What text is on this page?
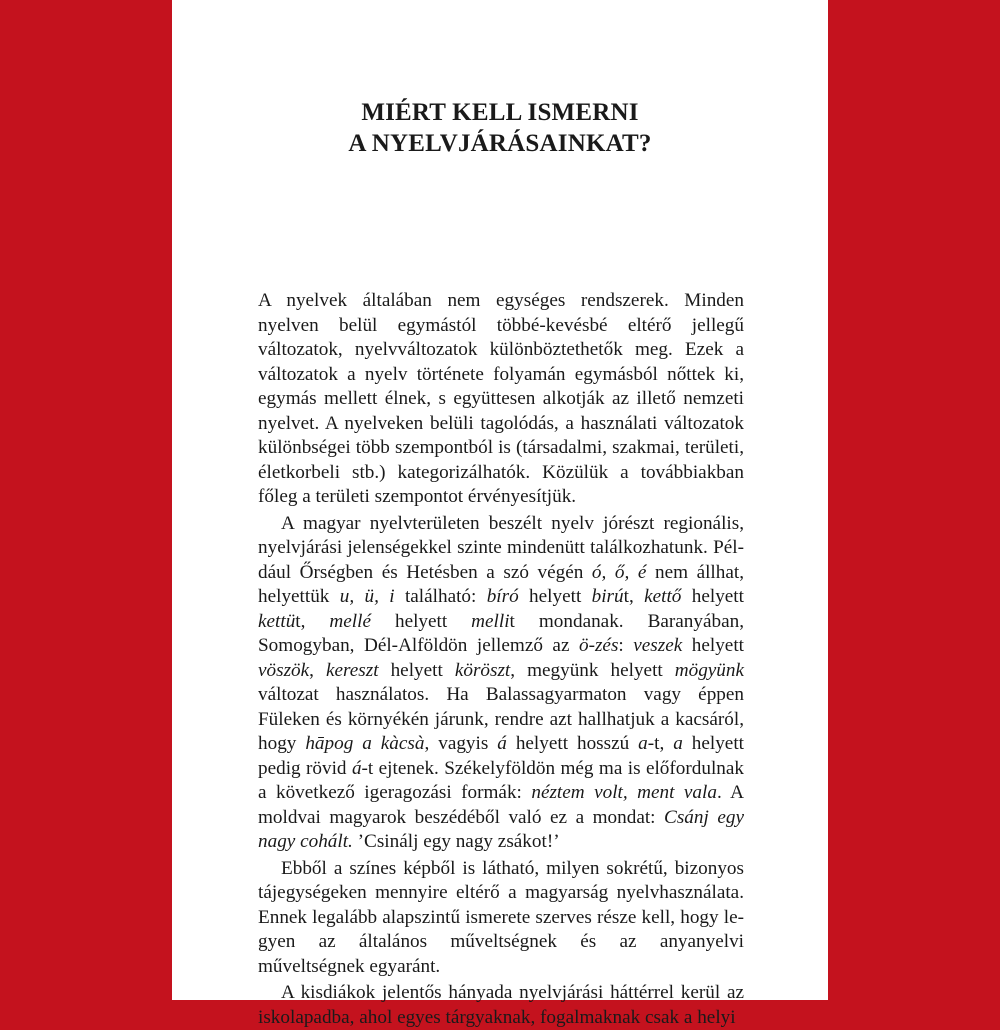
MIÉRT KELL ISMERNI
A NYELVJÁRÁSAINKAT?

A nyelvek általában nem egységes rendszerek. Minden nyelven belül egymástól többé-kevésbé eltérő jellegű változatok, nyelvváltozatok különböztethetők meg. Ezek a változatok a nyelv története folyamán egymásból nőttek ki, egymás mellett élnek, s együttesen alkotják az illető nemzeti nyelvet. A nyelveken belüli tagolódás, a használati változatok különbségei több szempontból is (társadalmi, szakmai, területi, életkorbeli stb.) kategorizálhatók. Közülük a továbbiakban főleg a területi szempontot érvényesítjük.

A magyar nyelvterületen beszélt nyelv jórészt regionális, nyelvjárási jelenségekkel szinte mindenütt találkozhatunk. Például Őrségben és Hetésben a szó végén ó, ő, é nem állhat, helyettük u, ü, i található: bíró helyett birút, kettő helyett kettüt, mellé helyett mellit mondanak. Baranyában, Somogyban, Dél-Alföldön jellemző az ö-zés: veszek helyett vöszök, kereszt helyett köröszt, megyünk helyett mögyünk változat használatos. Ha Balassagyarmaton vagy éppen Füleken és környékén járunk, rendre azt hallhatjuk a kacsáról, hogy hāpog a kàcsà, vagyis á helyett hosszú a-t, a helyett pedig rövid á-t ejtenek. Székelyföldön még ma is előfordulnak a következő igeragozási formák: néztem volt, ment vala. A moldvai magyarok beszédéből való ez a mondat: Csánj egy nagy cohált. ’Csinálj egy nagy zsákot!’

Ebből a színes képből is látható, milyen sokrétű, bizonyos tájegységeken mennyire eltérő a magyarság nyelvhasználata. Ennek legalább alapszintű ismerete szerves része kell, hogy legyen az általános műveltségnek és az anyanyelvi műveltségnek egyaránt.

A kisdiákok jelentős hányada nyelvjárási háttérrel kerül az iskolapadba, ahol egyes tárgyaknak, fogalmaknak csak a helyi
